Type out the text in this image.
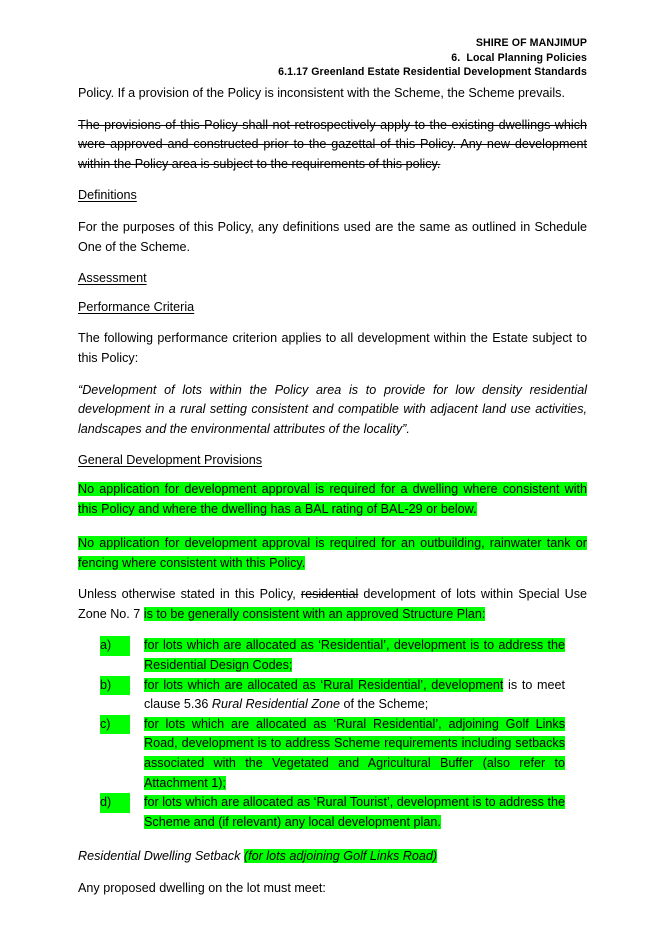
SHIRE OF MANJIMUP
6.  Local Planning Policies
6.1.17 Greenland Estate Residential Development Standards

Policy. If a provision of the Policy is inconsistent with the Scheme, the Scheme prevails.

The provisions of this Policy shall not retrospectively apply to the existing dwellings which were approved and constructed prior to the gazettal of this Policy. Any new development within the Policy area is subject to the requirements of this policy.

Definitions

For the purposes of this Policy, any definitions used are the same as outlined in Schedule One of the Scheme.

Assessment
Performance Criteria

The following performance criterion applies to all development within the Estate subject to this Policy:

“Development of lots within the Policy area is to provide for low density residential development in a rural setting consistent and compatible with adjacent land use activities, landscapes and the environmental attributes of the locality”.

General Development Provisions

No application for development approval is required for a dwelling where consistent with this Policy and where the dwelling has a BAL rating of BAL-29 or below.

No application for development approval is required for an outbuilding, rainwater tank or fencing where consistent with this Policy.

Unless otherwise stated in this Policy, residential development of lots within Special Use Zone No. 7 is to be generally consistent with an approved Structure Plan:

a)	for lots which are allocated as ‘Residential’, development is to address the Residential Design Codes;
b)	for lots which are allocated as ‘Rural Residential’, development is to meet clause 5.36 Rural Residential Zone of the Scheme;
c)	for lots which are allocated as ‘Rural Residential’, adjoining Golf Links Road, development is to address Scheme requirements including setbacks associated with the Vegetated and Agricultural Buffer (also refer to Attachment 1);
d)	for lots which are allocated as ‘Rural Tourist’, development is to address the Scheme and (if relevant) any local development plan.

Residential Dwelling Setback (for lots adjoining Golf Links Road)

Any proposed dwelling on the lot must meet:
